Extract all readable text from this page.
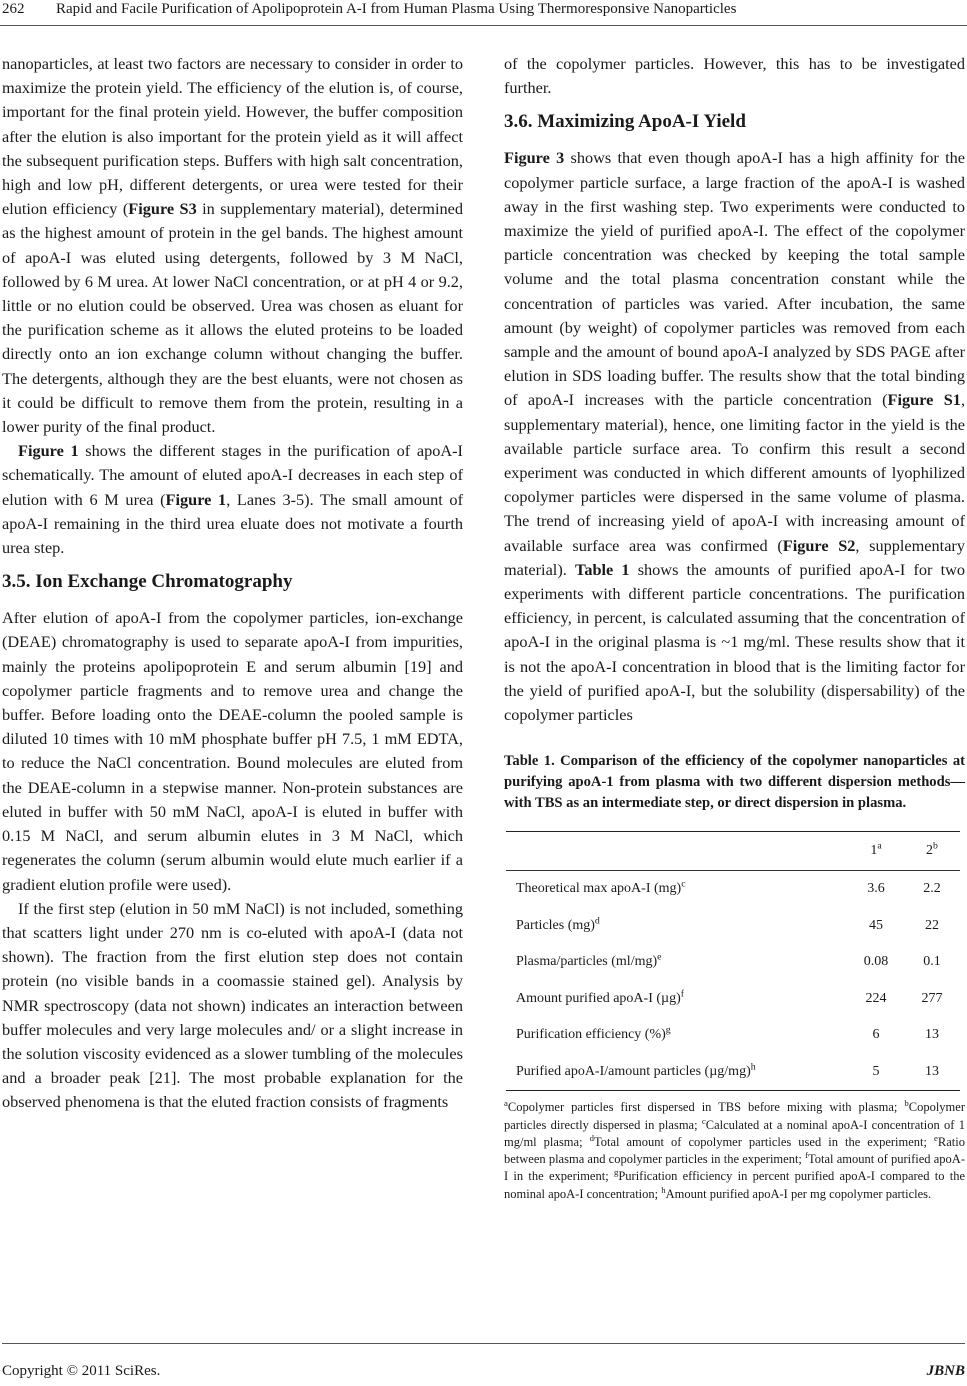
262 Rapid and Facile Purification of Apolipoprotein A-I from Human Plasma Using Thermoresponsive Nanoparticles

nanoparticles, at least two factors are necessary to consider in order to maximize the protein yield. The efficiency of the elution is, of course, important for the final protein yield. However, the buffer composition after the elution is also important for the protein yield as it will affect the subsequent purification steps. Buffers with high salt concentration, high and low pH, different detergents, or urea were tested for their elution efficiency (Figure S3 in supplementary material), determined as the highest amount of protein in the gel bands. The highest amount of apoA-I was eluted using detergents, followed by 3 M NaCl, followed by 6 M urea. At lower NaCl concentration, or at pH 4 or 9.2, little or no elution could be observed. Urea was chosen as eluant for the purification scheme as it allows the eluted proteins to be loaded directly onto an ion exchange column without changing the buffer. The detergents, although they are the best eluants, were not chosen as it could be difficult to remove them from the protein, resulting in a lower purity of the final product.

Figure 1 shows the different stages in the purification of apoA-I schematically. The amount of eluted apoA-I decreases in each step of elution with 6 M urea (Figure 1, Lanes 3-5). The small amount of apoA-I remaining in the third urea eluate does not motivate a fourth urea step.

3.5. Ion Exchange Chromatography

After elution of apoA-I from the copolymer particles, ion-exchange (DEAE) chromatography is used to separate apoA-I from impurities, mainly the proteins apolipoprotein E and serum albumin [19] and copolymer particle fragments and to remove urea and change the buffer. Before loading onto the DEAE-column the pooled sample is diluted 10 times with 10 mM phosphate buffer pH 7.5, 1 mM EDTA, to reduce the NaCl concentration. Bound molecules are eluted from the DEAE-column in a stepwise manner. Non-protein substances are eluted in buffer with 50 mM NaCl, apoA-I is eluted in buffer with 0.15 M NaCl, and serum albumin elutes in 3 M NaCl, which regenerates the column (serum albumin would elute much earlier if a gradient elution profile were used).

If the first step (elution in 50 mM NaCl) is not included, something that scatters light under 270 nm is co-eluted with apoA-I (data not shown). The fraction from the first elution step does not contain protein (no visible bands in a coomassie stained gel). Analysis by NMR spectroscopy (data not shown) indicates an interaction between buffer molecules and very large molecules and/ or a slight increase in the solution viscosity evidenced as a slower tumbling of the molecules and a broader peak [21]. The most probable explanation for the observed phenomena is that the eluted fraction consists of fragments

of the copolymer particles. However, this has to be investigated further.

3.6. Maximizing ApoA-I Yield

Figure 3 shows that even though apoA-I has a high affinity for the copolymer particle surface, a large fraction of the apoA-I is washed away in the first washing step. Two experiments were conducted to maximize the yield of purified apoA-I. The effect of the copolymer particle concentration was checked by keeping the total sample volume and the total plasma concentration constant while the concentration of particles was varied. After incubation, the same amount (by weight) of copolymer particles was removed from each sample and the amount of bound apoA-I analyzed by SDS PAGE after elution in SDS loading buffer. The results show that the total binding of apoA-I increases with the particle concentration (Figure S1, supplementary material), hence, one limiting factor in the yield is the available particle surface area. To confirm this result a second experiment was conducted in which different amounts of lyophilized copolymer particles were dispersed in the same volume of plasma. The trend of increasing yield of apoA-I with increasing amount of available surface area was confirmed (Figure S2, supplementary material). Table 1 shows the amounts of purified apoA-I for two experiments with different particle concentrations. The purification efficiency, in percent, is calculated assuming that the concentration of apoA-I in the original plasma is ~1 mg/ml. These results show that it is not the apoA-I concentration in blood that is the limiting factor for the yield of purified apoA-I, but the solubility (dispersability) of the copolymer particles

Table 1. Comparison of the efficiency of the copolymer nanoparticles at purifying apoA-1 from plasma with two different dispersion methods—with TBS as an intermediate step, or direct dispersion in plasma.
	1$^a$	2$^b$
Theoretical max apoA-I (mg)$^c$	3.6	2.2
Particles (mg)$^d$	45	22
Plasma/particles $(ml/mg)^e$	0.08	0.1
Amount purified apoA-I $(\mu g)^f$	224	277
Purification efficiency (%)$^g$	6	13
Purified apoA-I/amount particles $(\mu g/mg)^h$	5	13
$^a$Copolymer particles first dispersed in TBS before mixing with plasma; $^b$Copolymer particles directly dispersed in plasma; $^c$Calculated at a nominal apoA-I concentration of 1 mg/ml plasma; $^d$Total amount of copolymer particles used in the experiment; $^e$Ratio between plasma and copolymer particles in the experiment; $^f$Total amount of purified apoA-I in the experiment; $^g$Purification efficiency in percent purified apoA-I compared to the nominal apoA-I concentration; $^h$Amount purified apoA-I per mg copolymer particles.
Copyright © 2011 SciRes.	JBNB
